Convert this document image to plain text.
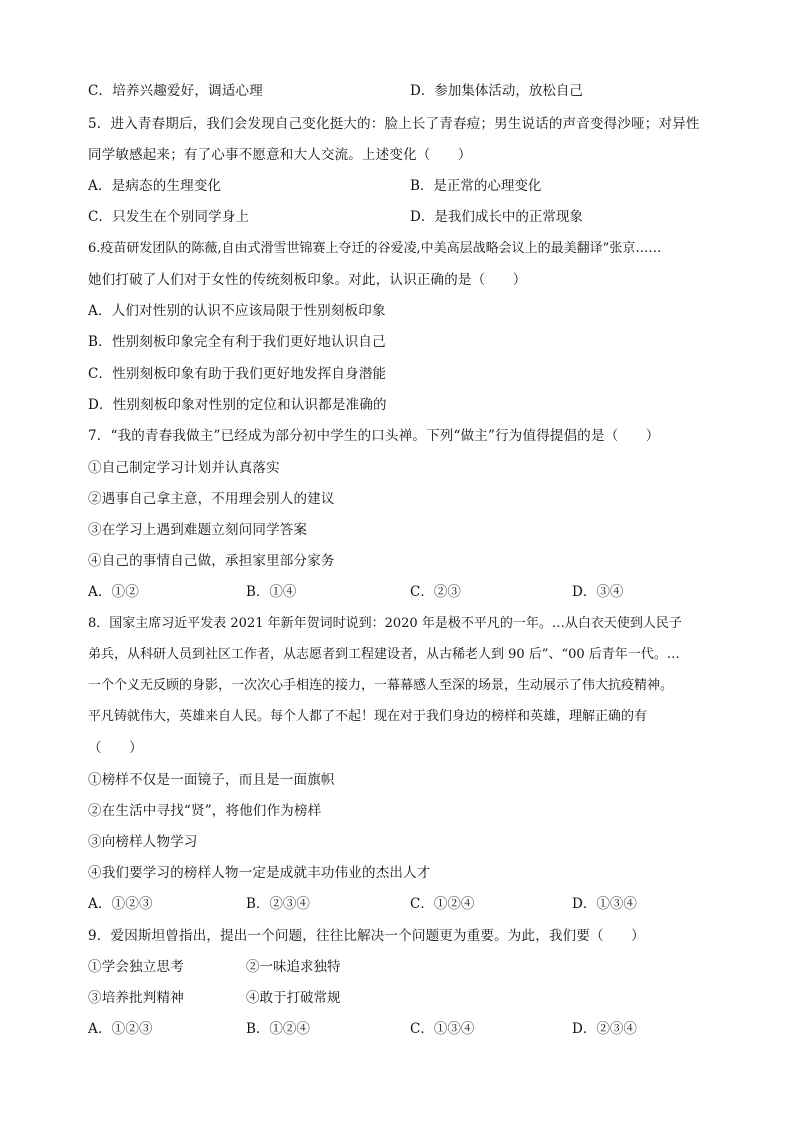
C．培养兴趣爱好，调适心理	D．参加集体活动，放松自己
5．进入青春期后，我们会发现自己变化挺大的：脸上长了青春痘；男生说话的声音变得沙哑；对异性
同学敏感起来；有了心事不愿意和大人交流。上述变化（　　）
A．是病态的生理变化	B．是正常的心理变化
C．只发生在个别同学身上	D．是我们成长中的正常现象
6.疫苗研发团队的陈薇,自由式滑雪世锦赛上夺迁的谷爱凌,中美高层战略会议上的最美翻译”张京……
她们打破了人们对于女性的传统刻板印象。对此，认识正确的是（　　）
A．人们对性别的认识不应该局限于性别刻板印象
B．性别刻板印象完全有利于我们更好地认识自己
C．性别刻板印象有助于我们更好地发挥自身潜能
D．性别刻板印象对性别的定位和认识都是准确的
7．“我的青春我做主”已经成为部分初中学生的口头禅。下列“做主”行为值得提倡的是（　　）
①自己制定学习计划并认真落实
②遇事自己拿主意，不用理会别人的建议
③在学习上遇到难题立刻问同学答案
④自己的事情自己做，承担家里部分家务
A．①②	B．①④	C．②③	D．③④
8．国家主席习近平发表 2021 年新年贺词时说到：2020 年是极不平凡的一年。…从白衣天使到人民子
弟兵，从科研人员到社区工作者，从志愿者到工程建设者，从古稀老人到 90 后”、“00 后青年一代。…
一个个义无反顾的身影，一次次心手相连的接力，一幕幕感人至深的场景，生动展示了伟大抗疫精神。
平凡铸就伟大，英雄来自人民。每个人都了不起！现在对于我们身边的榜样和英雄，理解正确的有
（　　）
①榜样不仅是一面镜子，而且是一面旗帜
②在生活中寻找“贤”，将他们作为榜样
③向榜样人物学习
④我们要学习的榜样人物一定是成就丰功伟业的杰出人才
A．①②③	B．②③④	C．①②④	D．①③④
9．爱因斯坦曾指出，提出一个问题，往往比解决一个问题更为重要。为此，我们要（　　）
①学会独立思考	②一味追求独特
③培养批判精神	④敢于打破常规
A．①②③	B．①②④	C．①③④	D．②③④
